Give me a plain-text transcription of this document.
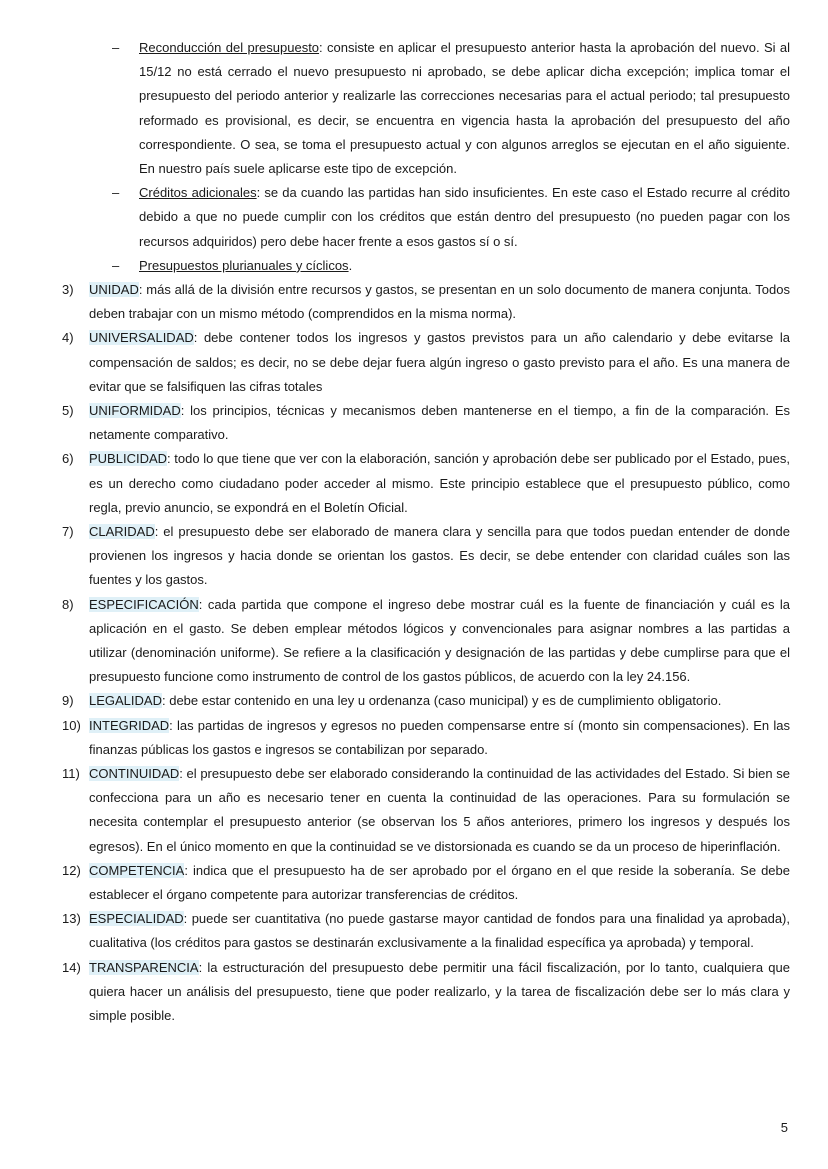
– Reconducción del presupuesto: consiste en aplicar el presupuesto anterior hasta la aprobación del nuevo. Si al 15/12 no está cerrado el nuevo presupuesto ni aprobado, se debe aplicar dicha excepción; implica tomar el presupuesto del periodo anterior y realizarle las correcciones necesarias para el actual periodo; tal presupuesto reformado es provisional, es decir, se encuentra en vigencia hasta la aprobación del presupuesto del año correspondiente. O sea, se toma el presupuesto actual y con algunos arreglos se ejecutan en el año siguiente. En nuestro país suele aplicarse este tipo de excepción.
– Créditos adicionales: se da cuando las partidas han sido insuficientes. En este caso el Estado recurre al crédito debido a que no puede cumplir con los créditos que están dentro del presupuesto (no pueden pagar con los recursos adquiridos) pero debe hacer frente a esos gastos sí o sí.
– Presupuestos plurianuales y cíclicos.
3) UNIDAD: más allá de la división entre recursos y gastos, se presentan en un solo documento de manera conjunta. Todos deben trabajar con un mismo método (comprendidos en la misma norma).
4) UNIVERSALIDAD: debe contener todos los ingresos y gastos previstos para un año calendario y debe evitarse la compensación de saldos; es decir, no se debe dejar fuera algún ingreso o gasto previsto para el año. Es una manera de evitar que se falsifiquen las cifras totales
5) UNIFORMIDAD: los principios, técnicas y mecanismos deben mantenerse en el tiempo, a fin de la comparación. Es netamente comparativo.
6) PUBLICIDAD: todo lo que tiene que ver con la elaboración, sanción y aprobación debe ser publicado por el Estado, pues, es un derecho como ciudadano poder acceder al mismo. Este principio establece que el presupuesto público, como regla, previo anuncio, se expondrá en el Boletín Oficial.
7) CLARIDAD: el presupuesto debe ser elaborado de manera clara y sencilla para que todos puedan entender de donde provienen los ingresos y hacia donde se orientan los gastos. Es decir, se debe entender con claridad cuáles son las fuentes y los gastos.
8) ESPECIFICACIÓN: cada partida que compone el ingreso debe mostrar cuál es la fuente de financiación y cuál es la aplicación en el gasto. Se deben emplear métodos lógicos y convencionales para asignar nombres a las partidas a utilizar (denominación uniforme). Se refiere a la clasificación y designación de las partidas y debe cumplirse para que el presupuesto funcione como instrumento de control de los gastos públicos, de acuerdo con la ley 24.156.
9) LEGALIDAD: debe estar contenido en una ley u ordenanza (caso municipal) y es de cumplimiento obligatorio.
10) INTEGRIDAD: las partidas de ingresos y egresos no pueden compensarse entre sí (monto sin compensaciones). En las finanzas públicas los gastos e ingresos se contabilizan por separado.
11) CONTINUIDAD: el presupuesto debe ser elaborado considerando la continuidad de las actividades del Estado. Si bien se confecciona para un año es necesario tener en cuenta la continuidad de las operaciones. Para su formulación se necesita contemplar el presupuesto anterior (se observan los 5 años anteriores, primero los ingresos y después los egresos). En el único momento en que la continuidad se ve distorsionada es cuando se da un proceso de hiperinflación.
12) COMPETENCIA: indica que el presupuesto ha de ser aprobado por el órgano en el que reside la soberanía. Se debe establecer el órgano competente para autorizar transferencias de créditos.
13) ESPECIALIDAD: puede ser cuantitativa (no puede gastarse mayor cantidad de fondos para una finalidad ya aprobada), cualitativa (los créditos para gastos se destinarán exclusivamente a la finalidad específica ya aprobada) y temporal.
14) TRANSPARENCIA: la estructuración del presupuesto debe permitir una fácil fiscalización, por lo tanto, cualquiera que quiera hacer un análisis del presupuesto, tiene que poder realizarlo, y la tarea de fiscalización debe ser lo más clara y simple posible.
5
